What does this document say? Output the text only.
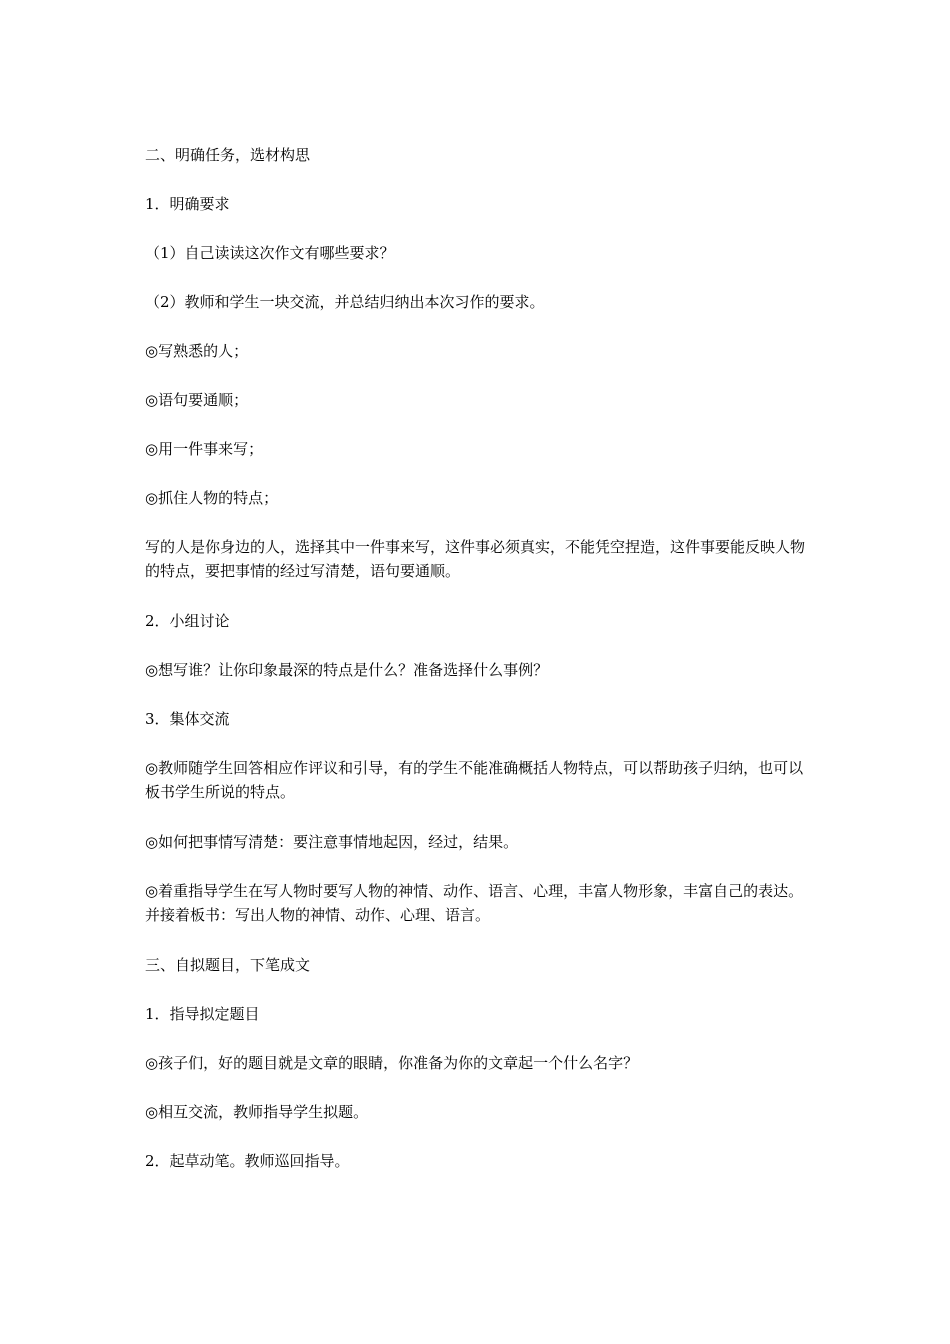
二、明确任务，选材构思

1．明确要求

（1）自己读读这次作文有哪些要求？

（2）教师和学生一块交流，并总结归纳出本次习作的要求。

◎写熟悉的人；

◎语句要通顺；

◎用一件事来写；

◎抓住人物的特点；

写的人是你身边的人，选择其中一件事来写，这件事必须真实，不能凭空捏造，这件事要能反映人物的特点，要把事情的经过写清楚，语句要通顺。

2．小组讨论

◎想写谁？让你印象最深的特点是什么？准备选择什么事例？

3．集体交流

◎教师随学生回答相应作评议和引导，有的学生不能准确概括人物特点，可以帮助孩子归纳，也可以板书学生所说的特点。

◎如何把事情写清楚：要注意事情地起因，经过，结果。

◎着重指导学生在写人物时要写人物的神情、动作、语言、心理，丰富人物形象，丰富自己的表达。并接着板书：写出人物的神情、动作、心理、语言。

三、自拟题目，下笔成文

1．指导拟定题目

◎孩子们，好的题目就是文章的眼睛，你准备为你的文章起一个什么名字？

◎相互交流，教师指导学生拟题。

2．起草动笔。教师巡回指导。
